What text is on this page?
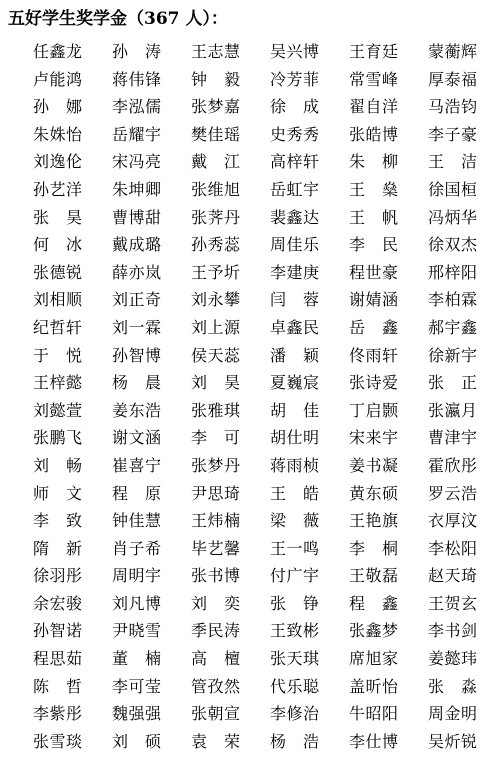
五好学生奖学金（367 人）：
任鑫龙	孙　涛	王志慧	吴兴博	王育廷	蒙蘅辉
卢能鸿	蒋伟锋	钟　毅	冷芳菲	常雪峰	厚泰福
孙　娜	李泓儒	张梦嘉	徐　成	翟自洋	马浩钧
朱姝怡	岳耀宇	樊佳瑶	史秀秀	张皓博	李子豪
刘逸伦	宋冯亮	戴　江	高梓轩	朱　柳	王　洁
孙艺洋	朱坤卿	张维旭	岳虹宇	王　燊	徐国桓
张　昊	曹博甜	张荠丹	裴鑫达	王　帆	冯炳华
何　冰	戴成璐	孙秀蕊	周佳乐	李　民	徐双杰
张德锐	薛亦岚	王予圻	李建庚	程世豪	邢梓阳
刘相顺	刘正奇	刘永攀	闫　蓉	谢婧涵	李柏霖
纪哲轩	刘一霖	刘上源	卓鑫民	岳　鑫	郝宇鑫
于　悦	孙智博	侯天蕊	潘　颖	佟雨轩	徐新宇
王梓懿	杨　晨	刘　昊	夏巍宸	张诗爱	张　正
刘懿萱	姜东浩	张雅琪	胡　佳	丁启颢	张瀛月
张鹏飞	谢文涵	李　可	胡仕明	宋来宇	曹津宇
刘　畅	崔喜宁	张梦丹	蒋雨桢	姜书凝	霍欣彤
师　文	程　原	尹思琦	王　皓	黄东硕	罗云浩
李　致	钟佳慧	王炜楠	梁　薇	王艳旗	衣厚汶
隋　新	肖子希	毕艺馨	王一鸣	李　桐	李松阳
徐羽彤	周明宇	张书博	付广宇	王敬磊	赵天琦
余宏骏	刘凡博	刘　奕	张　铮	程　鑫	王贺玄
孙智诺	尹晓雪	季民涛	王致彬	张鑫梦	李书剑
程思茹	董　楠	高　檀	张天琪	席旭家	姜懿玮
陈　哲	李可莹	管孜然	代乐聪	盖昕怡	张　淼
李紫彤	魏强强	张朝宣	李修治	牛昭阳	周金明
张雪琰	刘　硕	袁　荣	杨　浩	李仕博	吴炘锐
